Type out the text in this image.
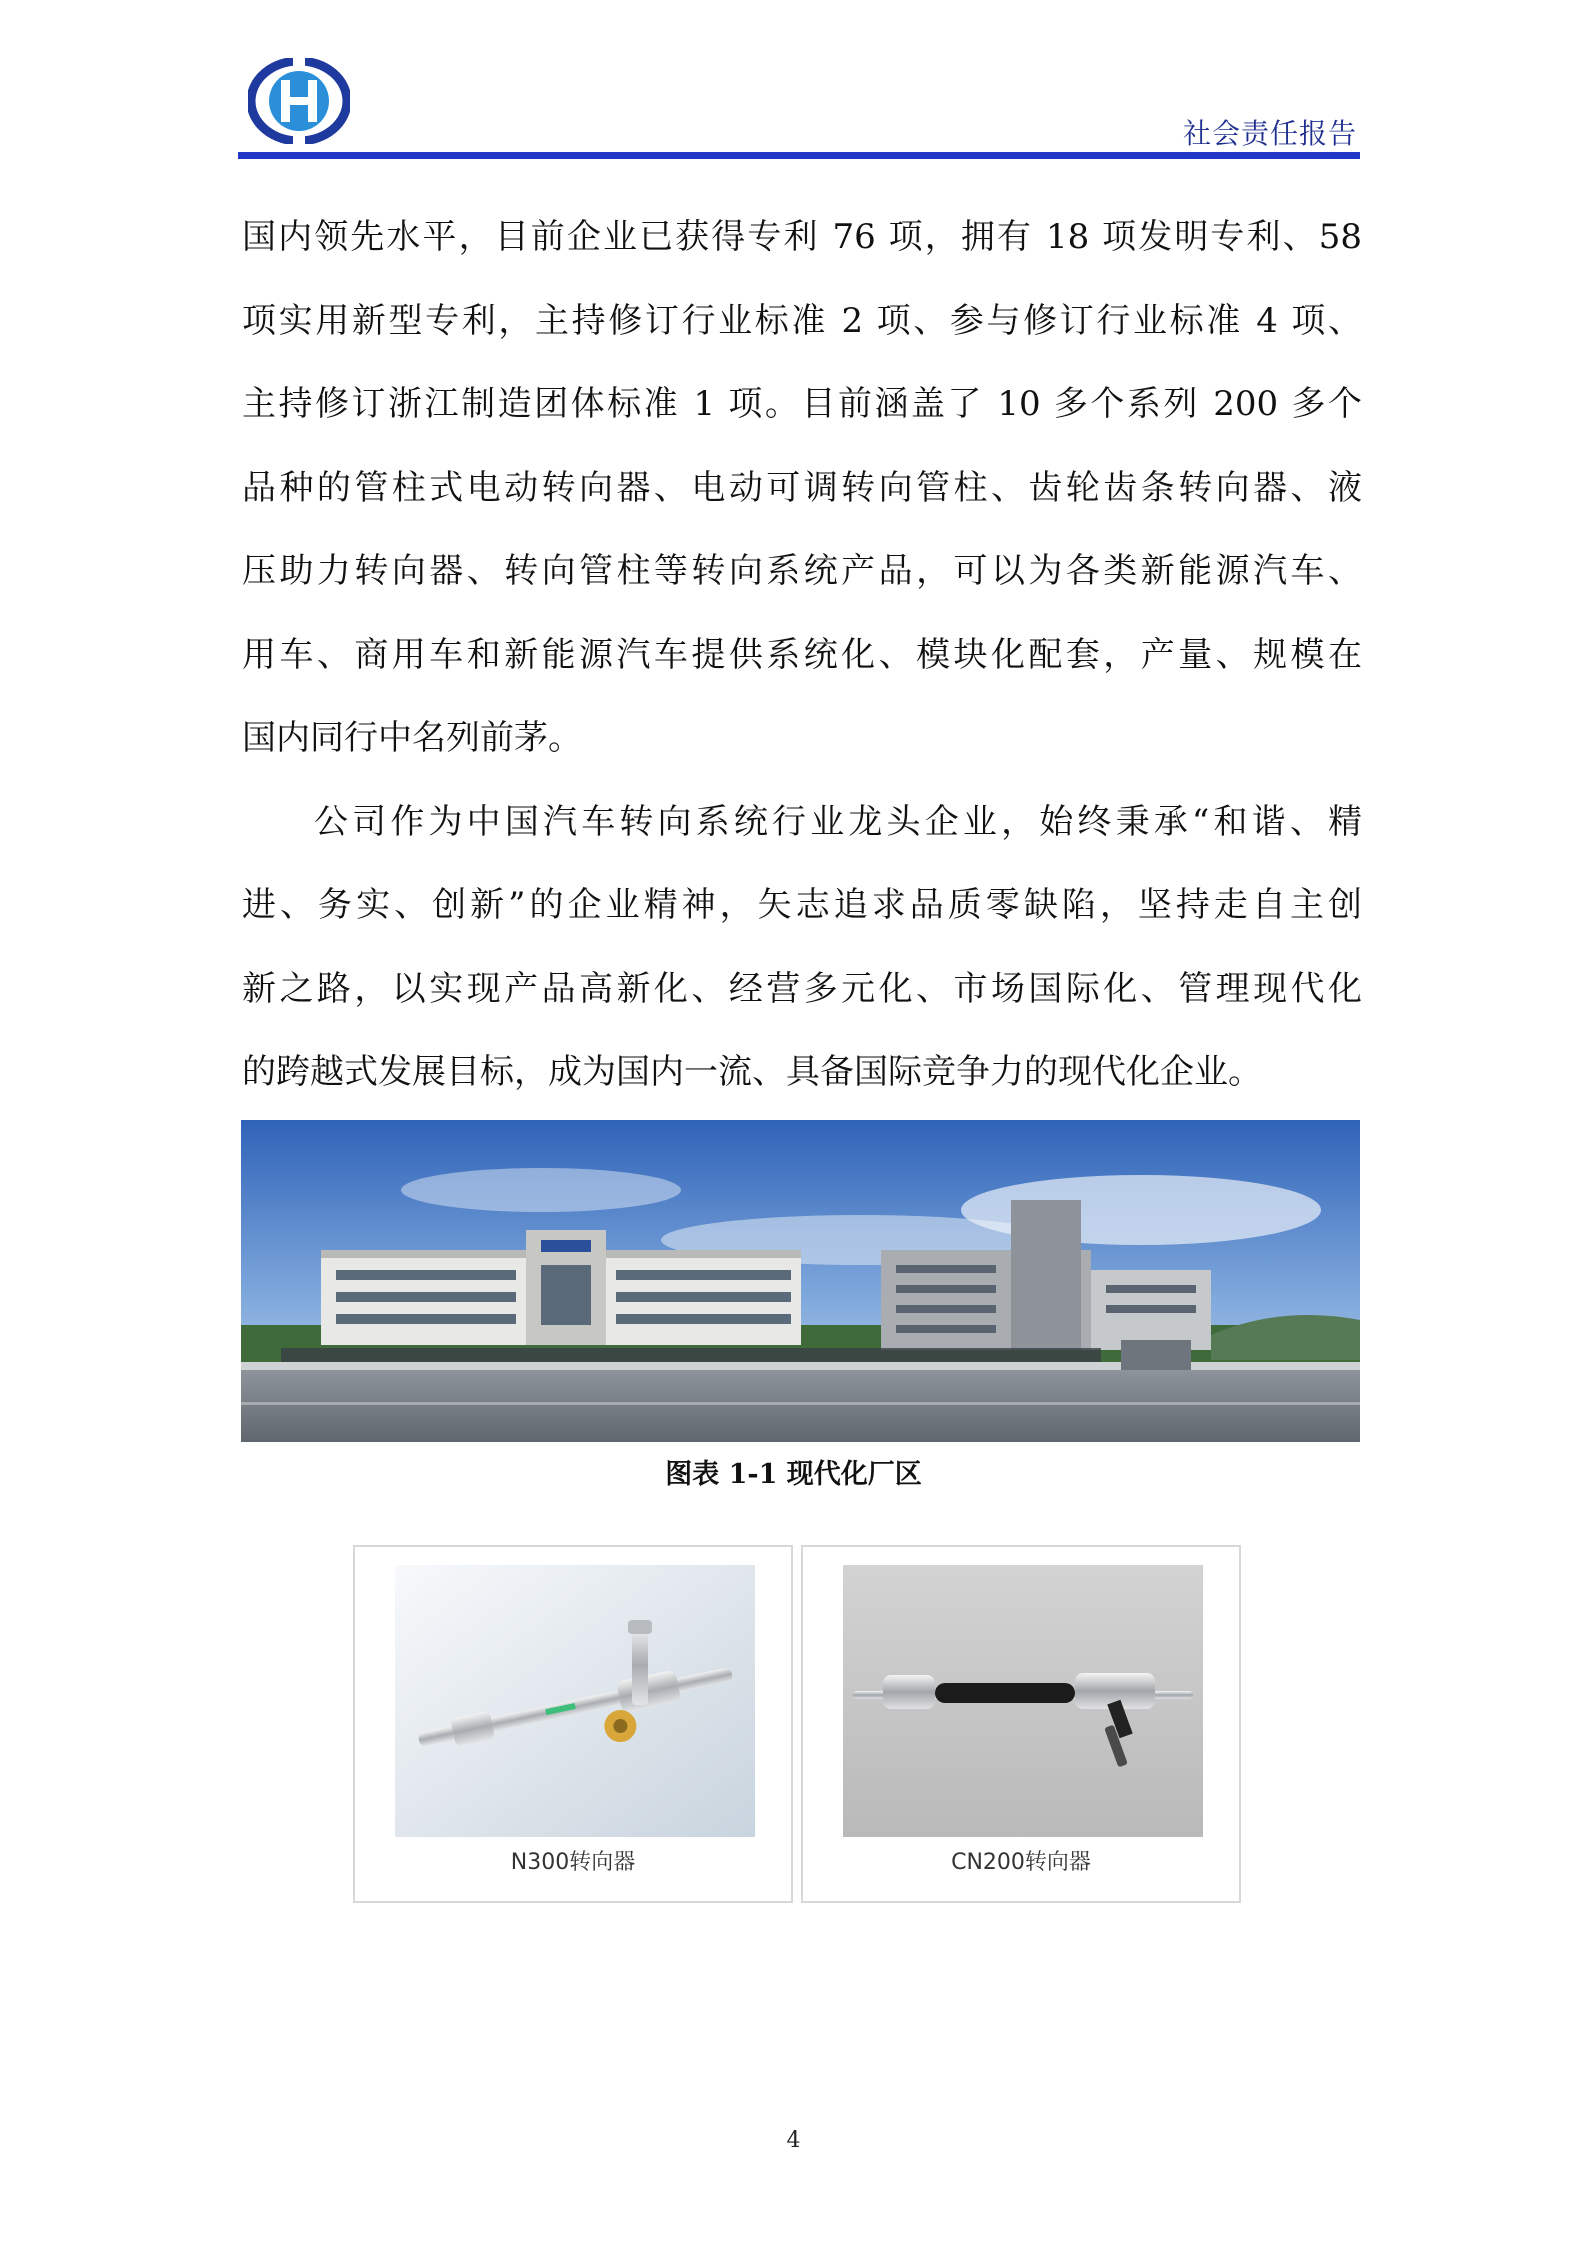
社会责任报告
国内领先水平，目前企业已获得专利 76 项，拥有 18 项发明专利、58
项实用新型专利，主持修订行业标准 2 项、参与修订行业标准 4 项、
主持修订浙江制造团体标准 1 项。目前涵盖了 10 多个系列 200 多个
品种的管柱式电动转向器、电动可调转向管柱、齿轮齿条转向器、液
压助力转向器、转向管柱等转向系统产品，可以为各类新能源汽车、
用车、商用车和新能源汽车提供系统化、模块化配套，产量、规模在
国内同行中名列前茅。
公司作为中国汽车转向系统行业龙头企业，始终秉承“和谐、精
进、务实、创新”的企业精神，矢志追求品质零缺陷，坚持走自主创
新之路，以实现产品高新化、经营多元化、市场国际化、管理现代化
的跨越式发展目标，成为国内一流、具备国际竞争力的现代化企业。
图表 1-1 现代化厂区
N300转向器	CN200转向器
4
